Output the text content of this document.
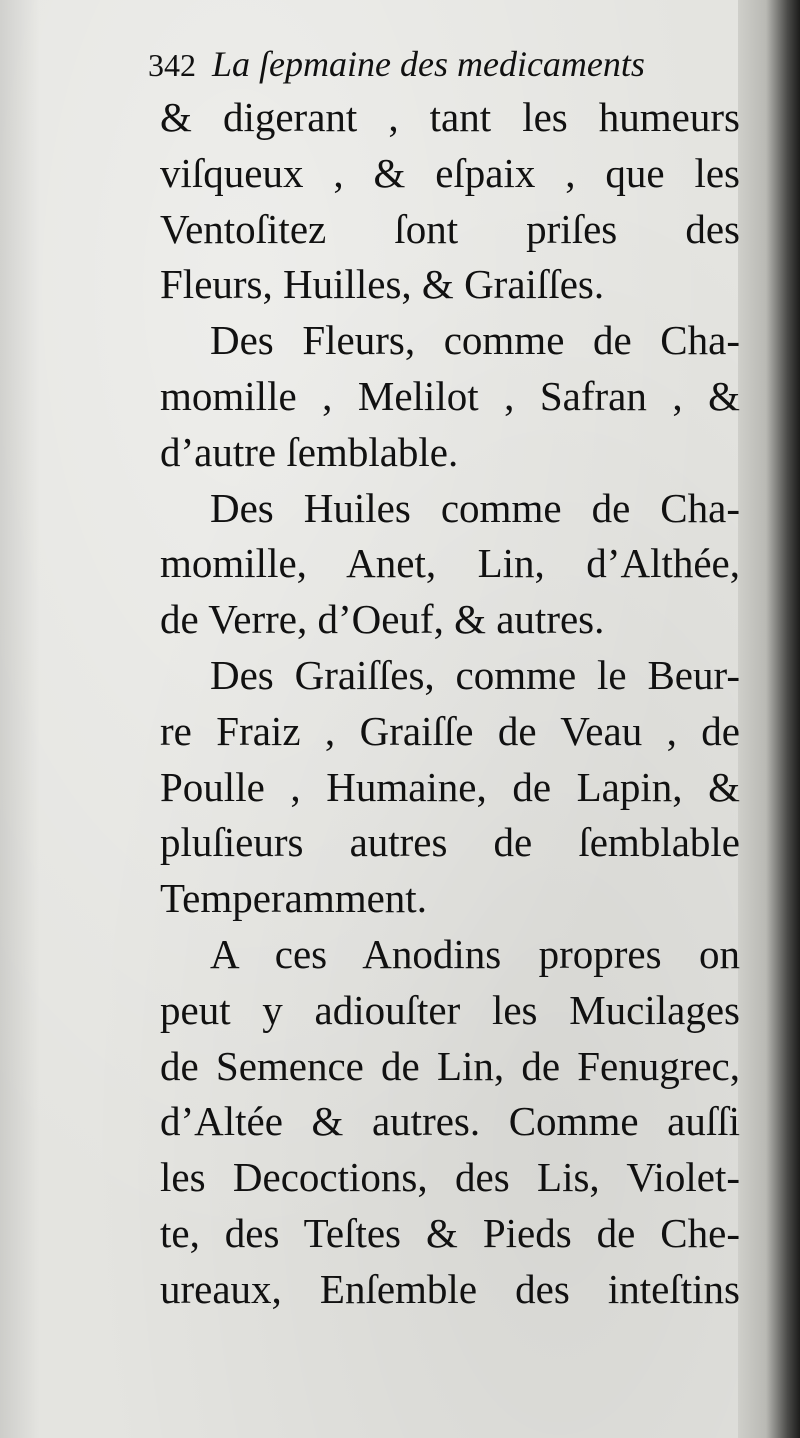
342 La ſepmaine des medicaments

& digerant , tant les humeurs
viſqueux , & eſpaix , que les
Ventoſitez ſont priſes des
Fleurs, Huilles, & Graiſſes.

Des Fleurs, comme de Cha-
momille , Melilot , Safran , &
d’autre ſemblable.

Des Huiles comme de Cha-
momille, Anet, Lin, d’Althée,
de Verre, d’Oeuf, & autres.

Des Graiſſes, comme le Beur-
re Fraiz , Graiſſe de Veau , de
Poulle , Humaine, de Lapin, &
pluſieurs autres de ſemblable
Temperamment.

A ces Anodins propres on
peut y adiouſter les Mucilages
de Semence de Lin, de Fenugrec,
d’Altée & autres. Comme auſſi
les Decoctions, des Lis, Violet-
te, des Teſtes & Pieds de Che-
ureaux, Enſemble des inteſtins
